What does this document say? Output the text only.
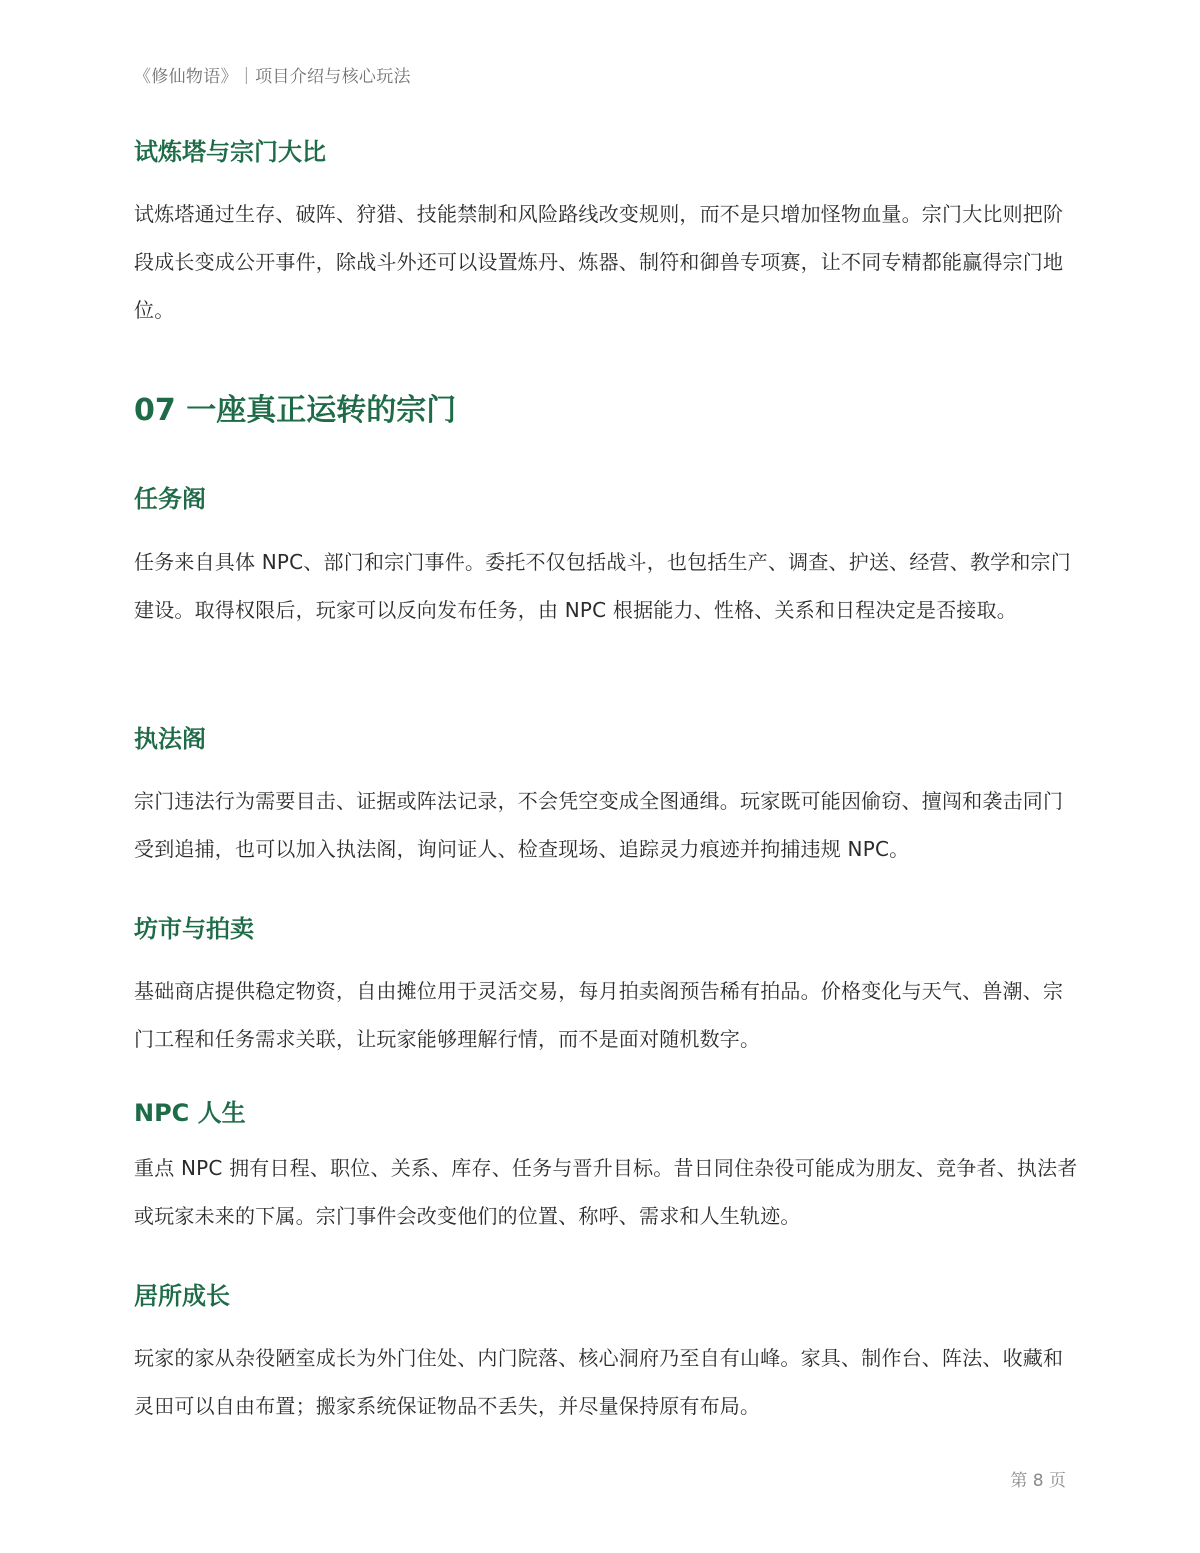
《修仙物语》｜项目介绍与核心玩法
试炼塔与宗门大比

试炼塔通过生存、破阵、狩猎、技能禁制和风险路线改变规则，而不是只增加怪物血量。宗门大比则把阶段成长变成公开事件，除战斗外还可以设置炼丹、炼器、制符和御兽专项赛，让不同专精都能赢得宗门地位。

07 一座真正运转的宗门
任务阁

任务来自具体 NPC、部门和宗门事件。委托不仅包括战斗，也包括生产、调查、护送、经营、教学和宗门建设。取得权限后，玩家可以反向发布任务，由 NPC 根据能力、性格、关系和日程决定是否接取。

执法阁

宗门违法行为需要目击、证据或阵法记录，不会凭空变成全图通缉。玩家既可能因偷窃、擅闯和袭击同门受到追捕，也可以加入执法阁，询问证人、检查现场、追踪灵力痕迹并拘捕违规 NPC。

坊市与拍卖

基础商店提供稳定物资，自由摊位用于灵活交易，每月拍卖阁预告稀有拍品。价格变化与天气、兽潮、宗门工程和任务需求关联，让玩家能够理解行情，而不是面对随机数字。

NPC 人生

重点 NPC 拥有日程、职位、关系、库存、任务与晋升目标。昔日同住杂役可能成为朋友、竞争者、执法者或玩家未来的下属。宗门事件会改变他们的位置、称呼、需求和人生轨迹。

居所成长

玩家的家从杂役陋室成长为外门住处、内门院落、核心洞府乃至自有山峰。家具、制作台、阵法、收藏和灵田可以自由布置；搬家系统保证物品不丢失，并尽量保持原有布局。

第 8 页
